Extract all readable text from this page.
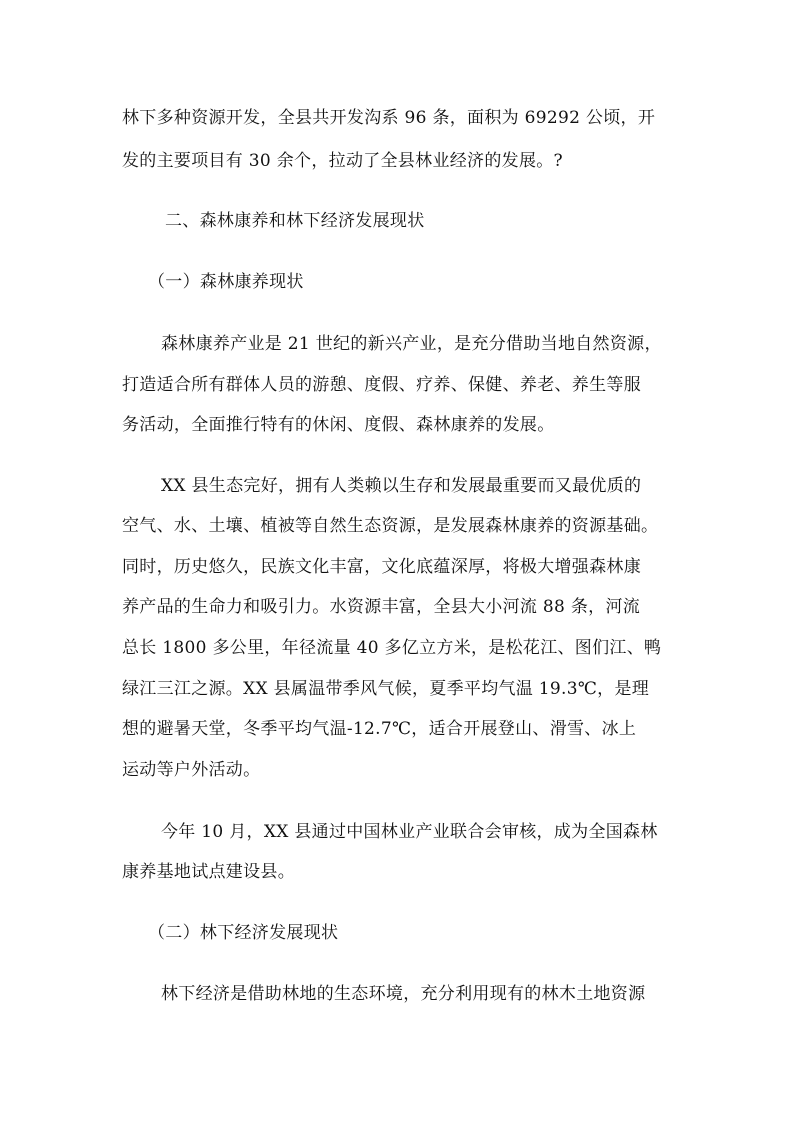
林下多种资源开发，全县共开发沟系 96 条，面积为 69292 公顷，开
发的主要项目有 30 余个，拉动了全县林业经济的发展。?
二、森林康养和林下经济发展现状
（一）森林康养现状
森林康养产业是 21 世纪的新兴产业，是充分借助当地自然资源，
打造适合所有群体人员的游憩、度假、疗养、保健、养老、养生等服
务活动，全面推行特有的休闲、度假、森林康养的发展。
XX 县生态完好，拥有人类赖以生存和发展最重要而又最优质的
空气、水、土壤、植被等自然生态资源，是发展森林康养的资源基础。
同时，历史悠久，民族文化丰富，文化底蕴深厚，将极大增强森林康
养产品的生命力和吸引力。水资源丰富，全县大小河流 88 条，河流
总长 1800 多公里，年径流量 40 多亿立方米，是松花江、图们江、鸭
绿江三江之源。XX 县属温带季风气候，夏季平均气温 19.3℃，是理
想的避暑天堂，冬季平均气温-12.7℃，适合开展登山、滑雪、冰上
运动等户外活动。
今年 10 月，XX 县通过中国林业产业联合会审核，成为全国森林
康养基地试点建设县。
（二）林下经济发展现状
林下经济是借助林地的生态环境，充分利用现有的林木土地资源
